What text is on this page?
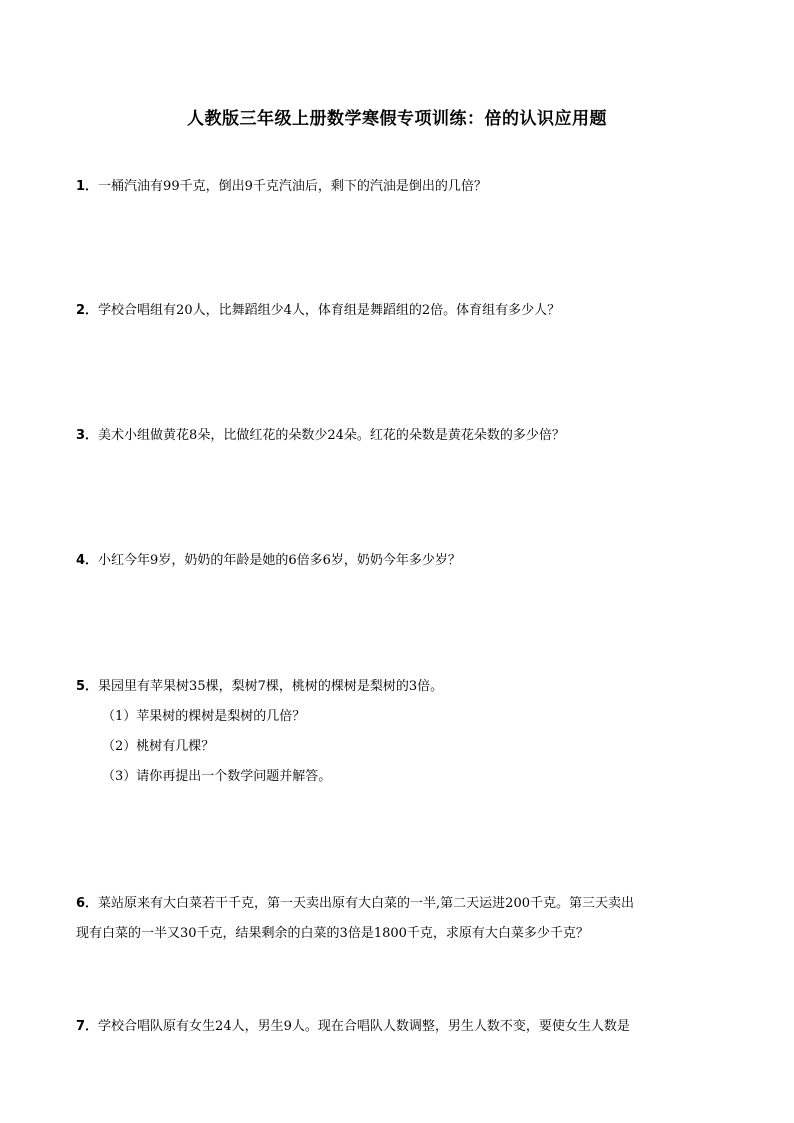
人教版三年级上册数学寒假专项训练：倍的认识应用题
1．一桶汽油有99千克，倒出9千克汽油后，剩下的汽油是倒出的几倍？
2．学校合唱组有20人，比舞蹈组少4人，体育组是舞蹈组的2倍。体育组有多少人？
3．美术小组做黄花8朵，比做红花的朵数少24朵。红花的朵数是黄花朵数的多少倍？
4．小红今年9岁，奶奶的年龄是她的6倍多6岁，奶奶今年多少岁？
5．果园里有苹果树35棵，梨树7棵，桃树的棵树是梨树的3倍。
（1）苹果树的棵树是梨树的几倍？
（2）桃树有几棵？
（3）请你再提出一个数学问题并解答。
6．菜站原来有大白菜若干千克，第一天卖出原有大白菜的一半,第二天运进200千克。第三天卖出
现有白菜的一半又30千克，结果剩余的白菜的3倍是1800千克，求原有大白菜多少千克？
7．学校合唱队原有女生24人，男生9人。现在合唱队人数调整，男生人数不变，要使女生人数是
